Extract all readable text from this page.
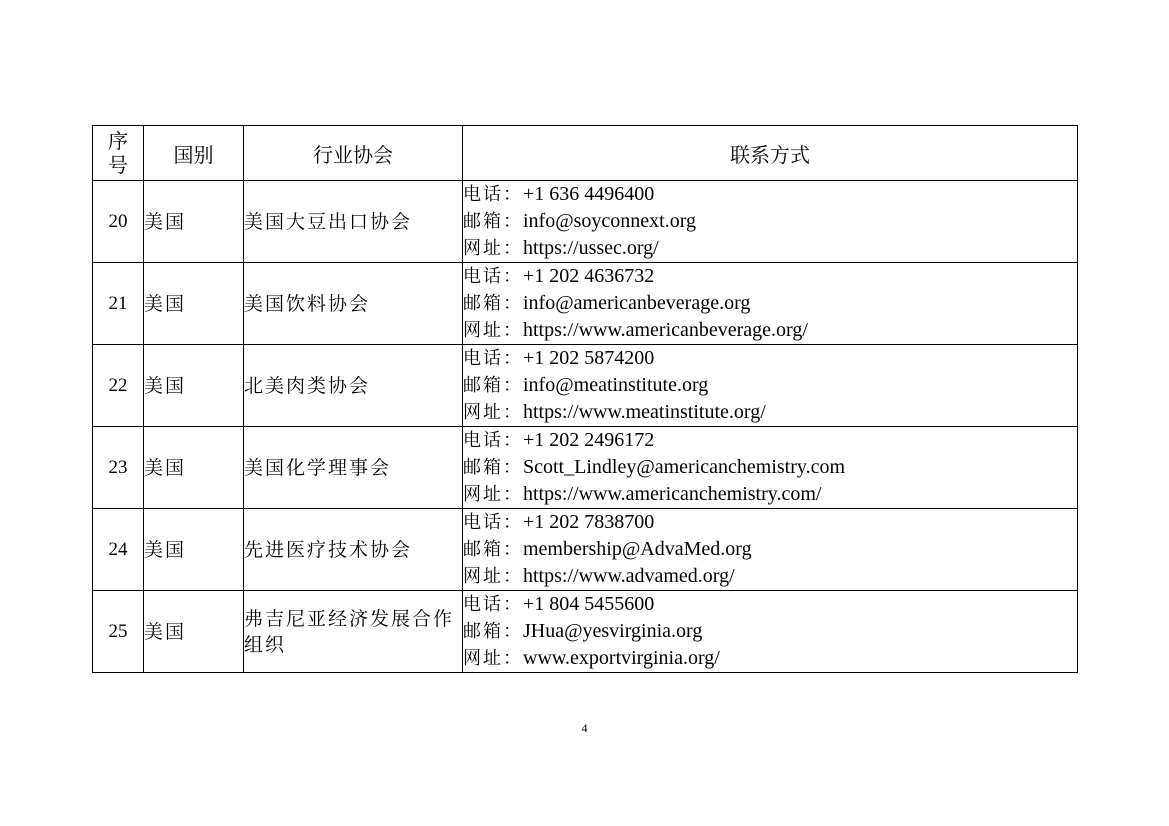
序
号	国别	行业协会	联系方式
20	美国	美国大豆出口协会	电话：+1 636 4496400
邮箱：info@soyconnext.org
网址：https://ussec.org/

21	美国	美国饮料协会	电话：+1 202 4636732
邮箱：info@americanbeverage.org
网址：https://www.americanbeverage.org/

22	美国	北美肉类协会	电话：+1 202 5874200
邮箱：info@meatinstitute.org
网址：https://www.meatinstitute.org/

23	美国	美国化学理事会	电话：+1 202 2496172
邮箱：Scott_Lindley@americanchemistry.com
网址：https://www.americanchemistry.com/

24	美国	先进医疗技术协会	电话：+1 202 7838700
邮箱：membership@AdvaMed.org
网址：https://www.advamed.org/

25	美国	弗吉尼亚经济发展合作组织	电话：+1 804 5455600
邮箱：JHua@yesvirginia.org
网址：www.exportvirginia.org/
4
